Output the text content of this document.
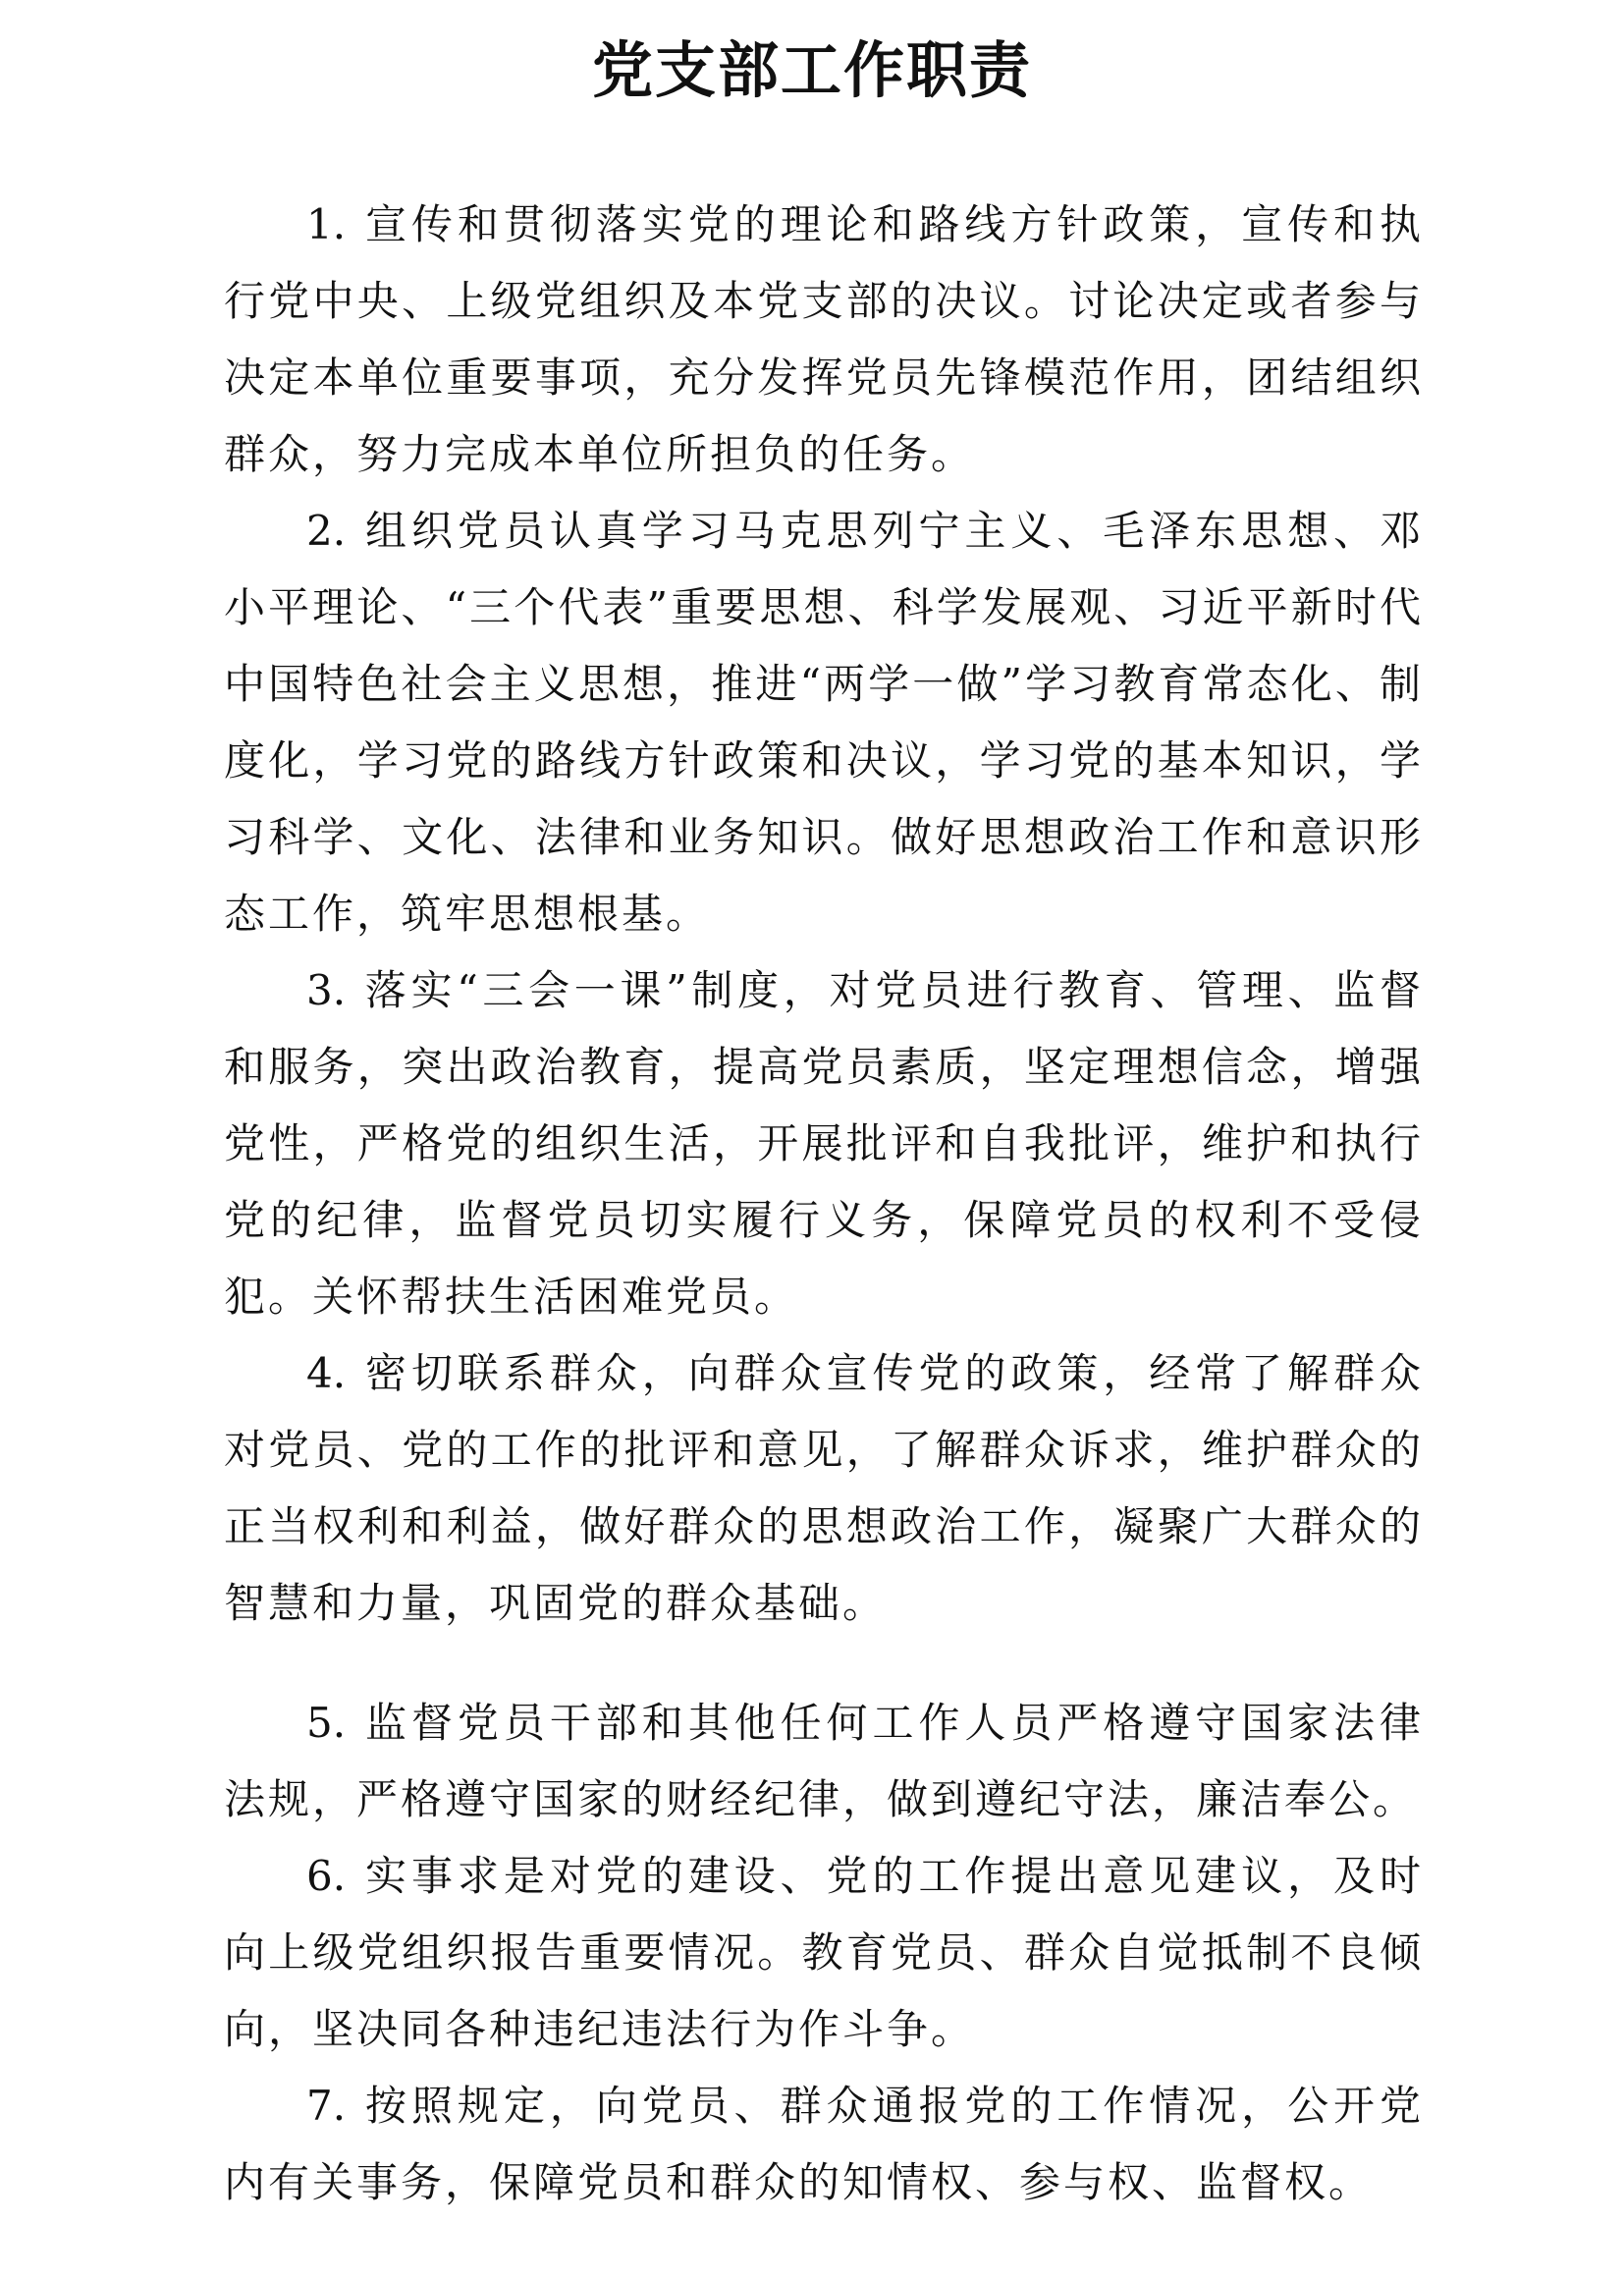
党支部工作职责

1. 宣传和贯彻落实党的理论和路线方针政策，宣传和执行党中央、上级党组织及本党支部的决议。讨论决定或者参与决定本单位重要事项，充分发挥党员先锋模范作用，团结组织群众，努力完成本单位所担负的任务。

2. 组织党员认真学习马克思列宁主义、毛泽东思想、邓小平理论、“三个代表”重要思想、科学发展观、习近平新时代中国特色社会主义思想，推进“两学一做”学习教育常态化、制度化，学习党的路线方针政策和决议，学习党的基本知识，学习科学、文化、法律和业务知识。做好思想政治工作和意识形态工作，筑牢思想根基。

3. 落实“三会一课”制度，对党员进行教育、管理、监督和服务，突出政治教育，提高党员素质，坚定理想信念，增强党性，严格党的组织生活，开展批评和自我批评，维护和执行党的纪律，监督党员切实履行义务，保障党员的权利不受侵犯。关怀帮扶生活困难党员。

4. 密切联系群众，向群众宣传党的政策，经常了解群众对党员、党的工作的批评和意见，了解群众诉求，维护群众的正当权利和利益，做好群众的思想政治工作，凝聚广大群众的智慧和力量，巩固党的群众基础。

5. 监督党员干部和其他任何工作人员严格遵守国家法律法规，严格遵守国家的财经纪律，做到遵纪守法，廉洁奉公。

6. 实事求是对党的建设、党的工作提出意见建议，及时向上级党组织报告重要情况。教育党员、群众自觉抵制不良倾向，坚决同各种违纪违法行为作斗争。

7. 按照规定，向党员、群众通报党的工作情况，公开党内有关事务，保障党员和群众的知情权、参与权、监督权。
